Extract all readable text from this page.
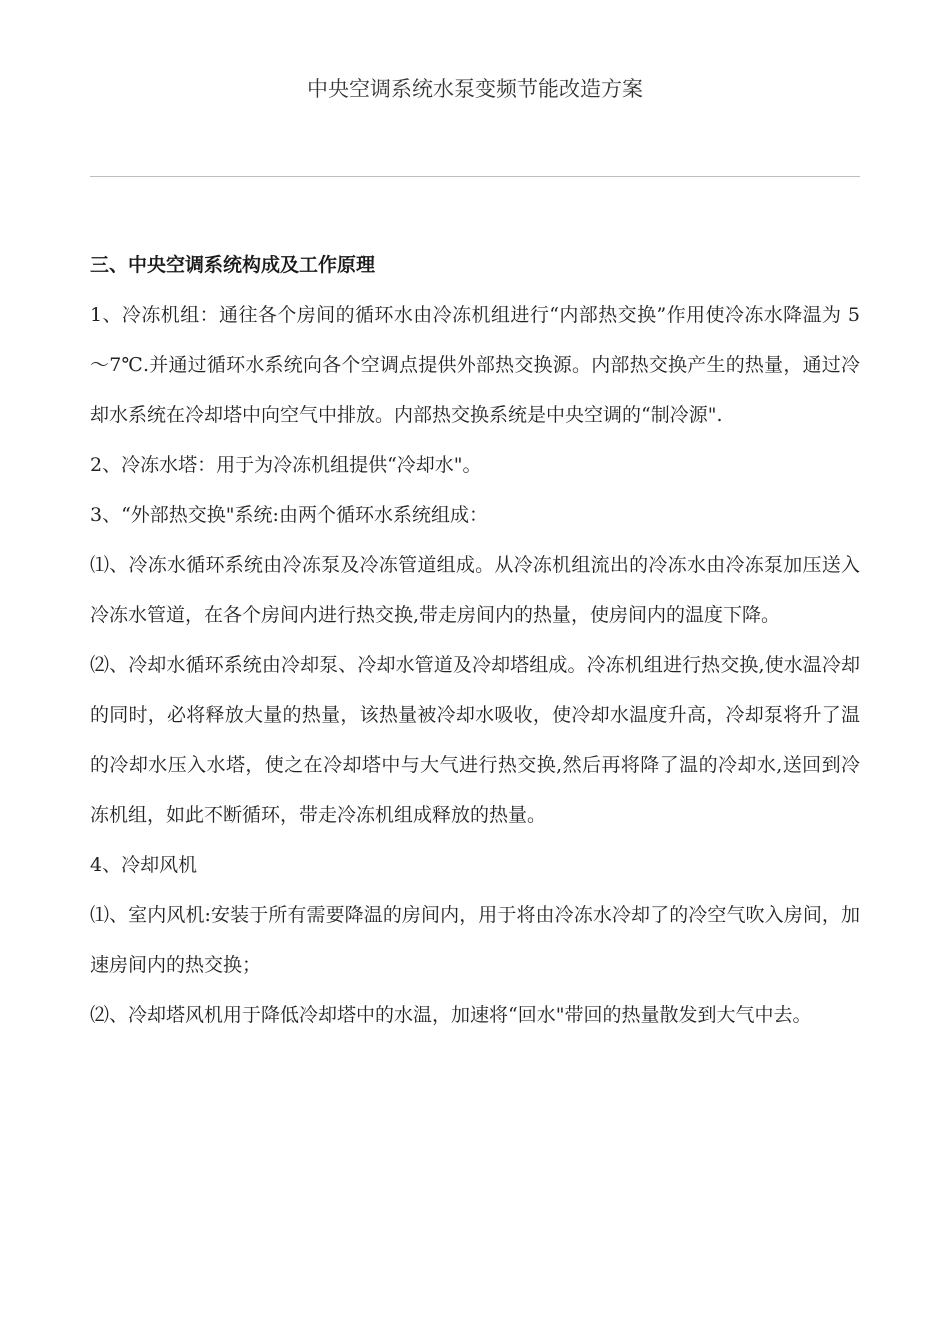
中央空调系统水泵变频节能改造方案
三、中央空调系统构成及工作原理

1、冷冻机组：通往各个房间的循环水由冷冻机组进行“内部热交换”作用使冷冻水降温为 5～7℃.并通过循环水系统向各个空调点提供外部热交换源。内部热交换产生的热量，通过冷却水系统在冷却塔中向空气中排放。内部热交换系统是中央空调的“制冷源".

2、冷冻水塔：用于为冷冻机组提供“冷却水"。

3、“外部热交换"系统:由两个循环水系统组成：

⑴、冷冻水循环系统由冷冻泵及冷冻管道组成。从冷冻机组流出的冷冻水由冷冻泵加压送入冷冻水管道，在各个房间内进行热交换,带走房间内的热量，使房间内的温度下降。

⑵、冷却水循环系统由冷却泵、冷却水管道及冷却塔组成。冷冻机组进行热交换,使水温冷却的同时，必将释放大量的热量，该热量被冷却水吸收，使冷却水温度升高，冷却泵将升了温的冷却水压入水塔，使之在冷却塔中与大气进行热交换,然后再将降了温的冷却水,送回到冷冻机组，如此不断循环，带走冷冻机组成释放的热量。

4、冷却风机

⑴、室内风机:安装于所有需要降温的房间内，用于将由冷冻水冷却了的冷空气吹入房间，加速房间内的热交换；

⑵、冷却塔风机用于降低冷却塔中的水温，加速将“回水"带回的热量散发到大气中去。
